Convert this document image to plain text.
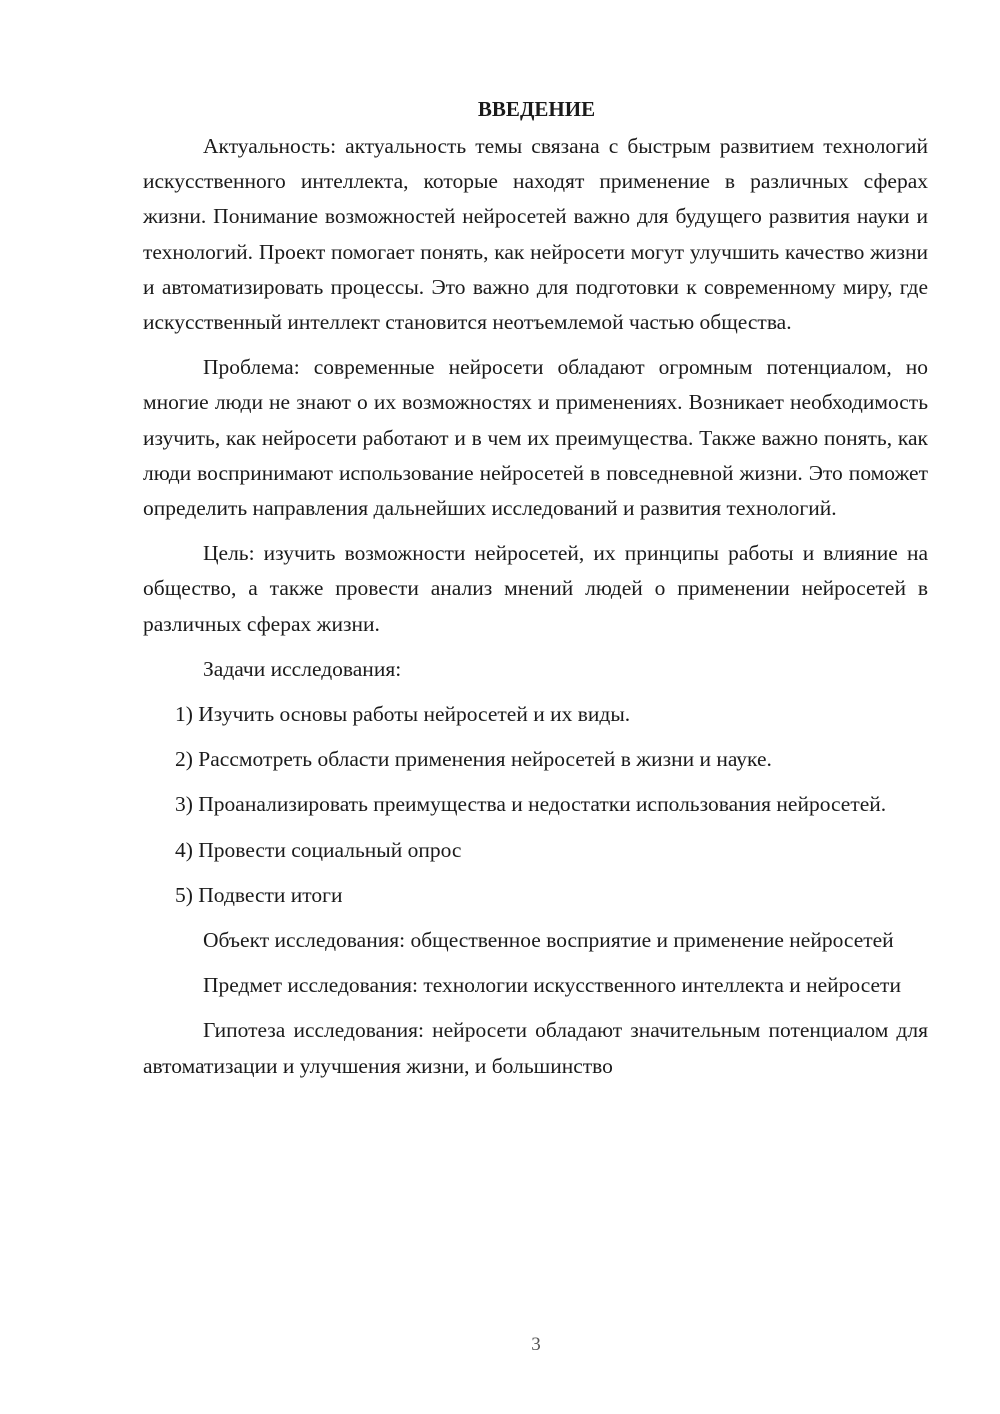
ВВЕДЕНИЕ

Актуальность: актуальность темы связана с быстрым развитием технологий искусственного интеллекта, которые находят применение в различных сферах жизни. Понимание возможностей нейросетей важно для будущего развития науки и технологий. Проект помогает понять, как нейросети могут улучшить качество жизни и автоматизировать процессы. Это важно для подготовки к современному миру, где искусственный интеллект становится неотъемлемой частью общества.

Проблема: современные нейросети обладают огромным потенциалом, но многие люди не знают о их возможностях и применениях. Возникает необходимость изучить, как нейросети работают и в чем их преимущества. Также важно понять, как люди воспринимают использование нейросетей в повседневной жизни. Это поможет определить направления дальнейших исследований и развития технологий.

Цель: изучить возможности нейросетей, их принципы работы и влияние на общество, а также провести анализ мнений людей о применении нейросетей в различных сферах жизни.

Задачи исследования:

1) Изучить основы работы нейросетей и их виды.

2) Рассмотреть области применения нейросетей в жизни и науке.

3) Проанализировать преимущества и недостатки использования нейросетей.

4) Провести социальный опрос

5) Подвести итоги

Объект исследования: общественное восприятие и применение нейросетей

Предмет исследования: технологии искусственного интеллекта и нейросети

Гипотеза исследования: нейросети обладают значительным потенциалом для автоматизации и улучшения жизни, и большинство

3
